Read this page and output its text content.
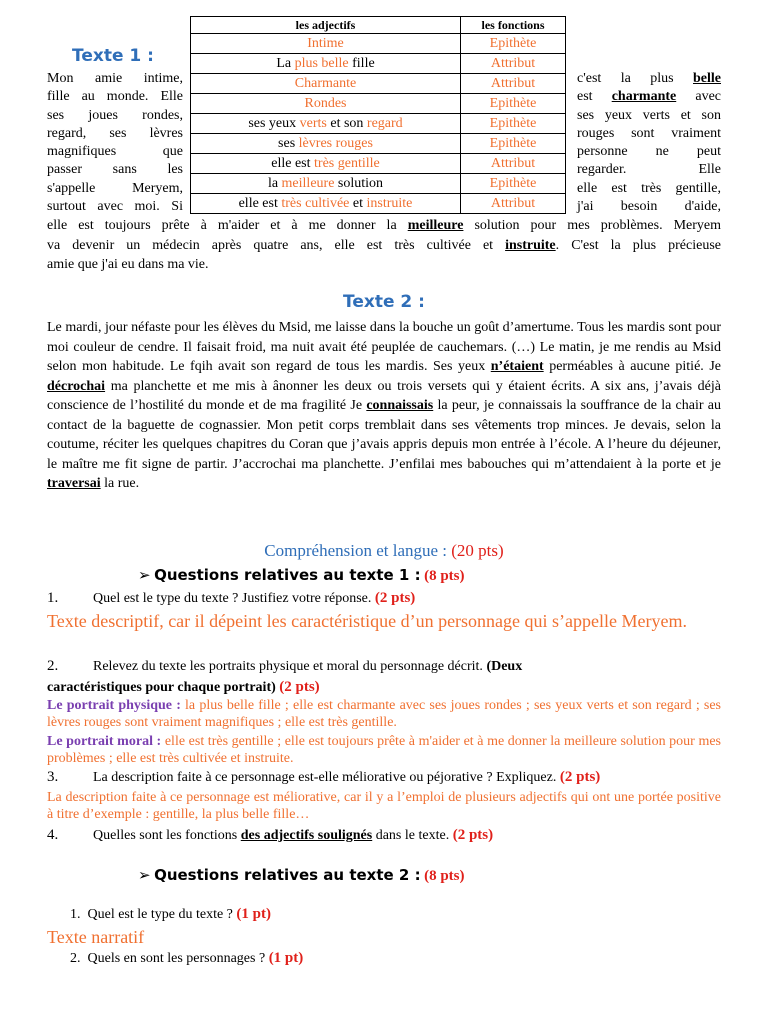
Texte 1 :
Mon amie intime,
fille au monde. Elle
ses joues rondes,
regard, ses lèvres
magnifiques que
passer sans les
s'appelle Meryem,
surtout avec moi. Si
c'est la plus belle
est charmante avec
ses yeux verts et son
rouges sont vraiment
personne ne peut
regarder. Elle
elle est très gentille,
j'ai besoin d'aide,
elle est toujours prête à m'aider et à me donner la meilleure solution pour mes problèmes. Meryem
va devenir un médecin après quatre ans, elle est très cultivée et instruite. C'est la plus précieuse
amie que j'ai eu dans ma vie.
les adjectifs	les fonctions
Intime	Epithète
La plus belle fille	Attribut
Charmante	Attribut
Rondes	Epithète
ses yeux verts et son regard	Epithète
ses lèvres rouges	Epithète
elle est très gentille	Attribut
la meilleure solution	Epithète
elle est très cultivée et instruite	Attribut
Texte 2 :
Le mardi, jour néfaste pour les élèves du Msid, me laisse dans la bouche un goût d’amertume. Tous les mardis sont pour moi couleur de cendre. Il faisait froid, ma nuit avait été peuplée de cauchemars. (…) Le matin, je me rendis au Msid selon mon habitude. Le fqih avait son regard de tous les mardis. Ses yeux n’étaient perméables à aucune pitié. Je décrochai ma planchette et me mis à ânonner les deux ou trois versets qui y étaient écrits. A six ans, j’avais déjà conscience de l’hostilité du monde et de ma fragilité Je connaissais la peur, je connaissais la souffrance de la chair au contact de la baguette de cognassier. Mon petit corps tremblait dans ses vêtements trop minces. Je devais, selon la coutume, réciter les quelques chapitres du Coran que j’avais appris depuis mon entrée à l’école. A l’heure du déjeuner, le maître me fit signe de partir. J’accrochai ma planchette. J’enfilai mes babouches qui m’attendaient à la porte et je traversai la rue.
Compréhension et langue : (20 pts)
➢ Questions relatives au texte 1 : (8 pts)
1. Quel est le type du texte ? Justifiez votre réponse. (2 pts)
Texte descriptif, car il dépeint les caractéristique d’un personnage qui s’appelle Meryem.
2. Relevez du texte les portraits physique et moral du personnage décrit. (Deux
caractéristiques pour chaque portrait) (2 pts)
Le portrait physique : la plus belle fille ; elle est charmante avec ses joues rondes ; ses yeux verts et son regard ; ses lèvres rouges sont vraiment magnifiques ; elle est très gentille.
Le portrait moral : elle est très gentille ; elle est toujours prête à m'aider et à me donner la meilleure solution pour mes problèmes ; elle est très cultivée et instruite.
3. La description faite à ce personnage est-elle méliorative ou péjorative ? Expliquez. (2 pts)
La description faite à ce personnage est méliorative, car il y a l’emploi de plusieurs adjectifs qui ont une portée positive à titre d’exemple : gentille, la plus belle fille…
4. Quelles sont les fonctions des adjectifs soulignés dans le texte. (2 pts)
➢ Questions relatives au texte 2 : (8 pts)
1. Quel est le type du texte ? (1 pt)
Texte narratif
2. Quels en sont les personnages ? (1 pt)
